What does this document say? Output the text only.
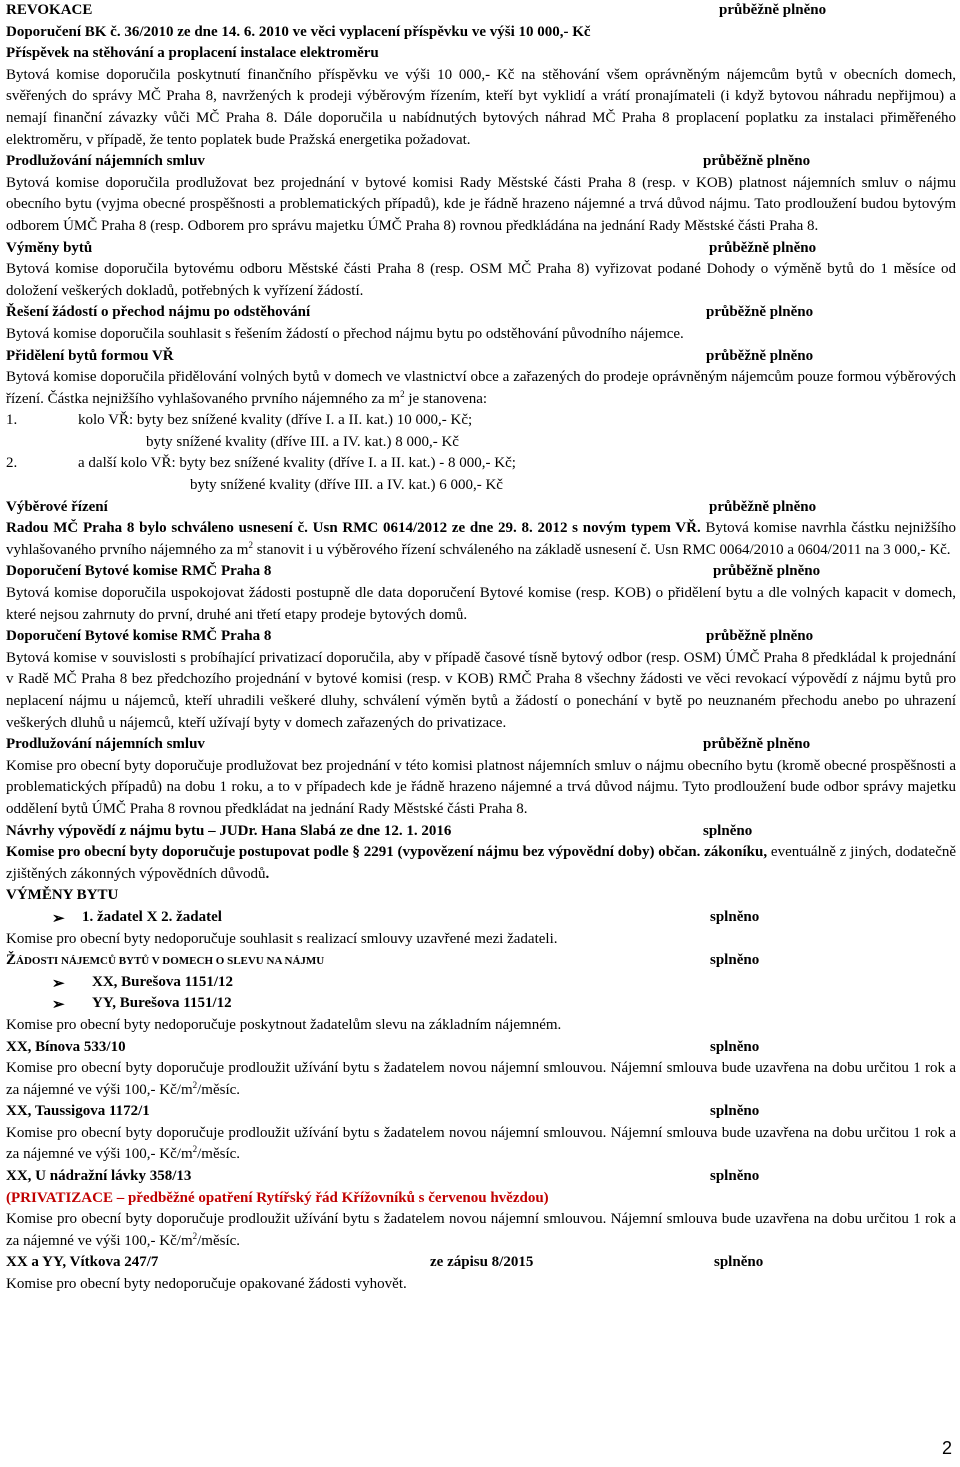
REVOKACE	průběžně plněno
Doporučení BK č. 36/2010 ze dne 14. 6. 2010 ve věci vyplacení příspěvku ve výši 10 000,- Kč
Příspěvek na stěhování a proplacení instalace elektroměru

Bytová komise doporučila poskytnutí finančního příspěvku ve výši 10 000,- Kč na stěhování všem oprávněným nájemcům bytů v obecních domech, svěřených do správy MČ Praha 8, navržených k prodeji výběrovým řízením, kteří byt vyklidí a vrátí pronajímateli (i když bytovou náhradu nepřijmou) a nemají finanční závazky vůči MČ Praha 8. Dále doporučila u nabídnutých bytových náhrad MČ Praha 8 proplacení poplatku za instalaci přiměřeného elektroměru, v případě, že tento poplatek bude Pražská energetika požadovat.

Prodlužování nájemních smluv	průběžně plněno

Bytová komise doporučila prodlužovat bez projednání v bytové komisi Rady Městské části Praha 8 (resp. v KOB) platnost nájemních smluv o nájmu obecního bytu (vyjma obecné prospěšnosti a problematických případů), kde je řádně hrazeno nájemné a trvá důvod nájmu. Tato prodloužení budou bytovým odborem ÚMČ Praha 8 (resp. Odborem pro správu majetku ÚMČ Praha 8) rovnou předkládána na jednání Rady Městské části Praha 8.

Výměny bytů	průběžně plněno

Bytová komise doporučila bytovému odboru Městské části Praha 8 (resp. OSM MČ Praha 8) vyřizovat podané Dohody o výměně bytů do 1 měsíce od doložení veškerých dokladů, potřebných k vyřízení žádostí.

Řešení žádostí o přechod nájmu po odstěhování	průběžně plněno

Bytová komise doporučila souhlasit s řešením žádostí o přechod nájmu bytu po odstěhování původního nájemce.

Přidělení bytů formou VŘ	průběžně plněno

Bytová komise doporučila přidělování volných bytů v domech ve vlastnictví obce a zařazených do prodeje oprávněným nájemcům pouze formou výběrových řízení. Částka nejnižšího vyhlašovaného prvního nájemného za $m^2$ je stanovena:

1.	kolo VŘ: byty bez snížené kvality (dříve I. a II. kat.) 10 000,- Kč;
byty snížené kvality (dříve III. a IV. kat.) 8 000,- Kč
2.	a další kolo VŘ: byty bez snížené kvality (dříve I. a II. kat.) - 8 000,- Kč;
byty snížené kvality (dříve III. a IV. kat.) 6 000,- Kč
Výběrové řízení	průběžně plněno

Radou MČ Praha 8 bylo schváleno usnesení č. Usn RMC 0614/2012 ze dne 29. 8. 2012 s novým typem VŘ. Bytová komise navrhla částku nejnižšího vyhlašovaného prvního nájemného za $m^2$ stanovit i u výběrového řízení schváleného na základě usnesení č. Usn RMC 0064/2010 a 0604/2011 na 3 000,- Kč.

Doporučení Bytové komise RMČ Praha 8	průběžně plněno

Bytová komise doporučila uspokojovat žádosti postupně dle data doporučení Bytové komise (resp. KOB) o přidělení bytu a dle volných kapacit v domech, které nejsou zahrnuty do první, druhé ani třetí etapy prodeje bytových domů.

Doporučení Bytové komise RMČ Praha 8	průběžně plněno

Bytová komise v souvislosti s probíhající privatizací doporučila, aby v případě časové tísně bytový odbor (resp. OSM) ÚMČ Praha 8 předkládal k projednání v Radě MČ Praha 8 bez předchozího projednání v bytové komisi (resp. v KOB) RMČ Praha 8 všechny žádosti ve věci revokací výpovědí z nájmu bytů pro neplacení nájmu u nájemců, kteří uhradili veškeré dluhy, schválení výměn bytů a žádostí o ponechání v bytě po neuznaném přechodu anebo po uhrazení veškerých dluhů u nájemců, kteří užívají byty v domech zařazených do privatizace.

Prodlužování nájemních smluv	průběžně plněno

Komise pro obecní byty doporučuje prodlužovat bez projednání v této komisi platnost nájemních smluv o nájmu obecního bytu (kromě obecné prospěšnosti a problematických případů) na dobu 1 roku, a to v případech kde je řádně hrazeno nájemné a trvá důvod nájmu. Tyto prodloužení bude odbor správy majetku oddělení bytů ÚMČ Praha 8 rovnou předkládat na jednání Rady Městské části Praha 8.

Návrhy výpovědí z nájmu bytu – JUDr. Hana Slabá ze dne 12. 1. 2016	splněno

Komise pro obecní byty doporučuje postupovat podle § 2291 (vypovězení nájmu bez výpovědní doby) občan. zákoníku, eventuálně z jiných, dodatečně zjištěných zákonných výpovědních důvodů.

VÝMĚNY BYTU
➢ 1. žadatel X 2. žadatel	splněno

Komise pro obecní byty nedoporučuje souhlasit s realizací smlouvy uzavřené mezi žadateli.

ŽÁDOSTI NÁJEMCŮ BYTŮ V DOMECH O SLEVU NA NÁJMU	splněno
➢ XX, Burešova 1151/12
➢ YY, Burešova 1151/12

Komise pro obecní byty nedoporučuje poskytnout žadatelům slevu na základním nájemném.

XX, Bínova 533/10	splněno

Komise pro obecní byty doporučuje prodloužit užívání bytu s žadatelem novou nájemní smlouvou. Nájemní smlouva bude uzavřena na dobu určitou 1 rok a za nájemné ve výši 100,- $Kč/m^2$/měsíc.

XX, Taussigova 1172/1	splněno

Komise pro obecní byty doporučuje prodloužit užívání bytu s žadatelem novou nájemní smlouvou. Nájemní smlouva bude uzavřena na dobu určitou 1 rok a za nájemné ve výši 100,- $Kč/m^2$/měsíc.

XX, U nádražní lávky 358/13	splněno
(PRIVATIZACE – předběžné opatření Rytířský řád Křížovníků s červenou hvězdou)

Komise pro obecní byty doporučuje prodloužit užívání bytu s žadatelem novou nájemní smlouvou. Nájemní smlouva bude uzavřena na dobu určitou 1 rok a za nájemné ve výši 100,- $Kč/m^2$/měsíc.

XX a YY, Vítkova 247/7	ze zápisu 8/2015	splněno

Komise pro obecní byty nedoporučuje opakované žádosti vyhovět.

2
